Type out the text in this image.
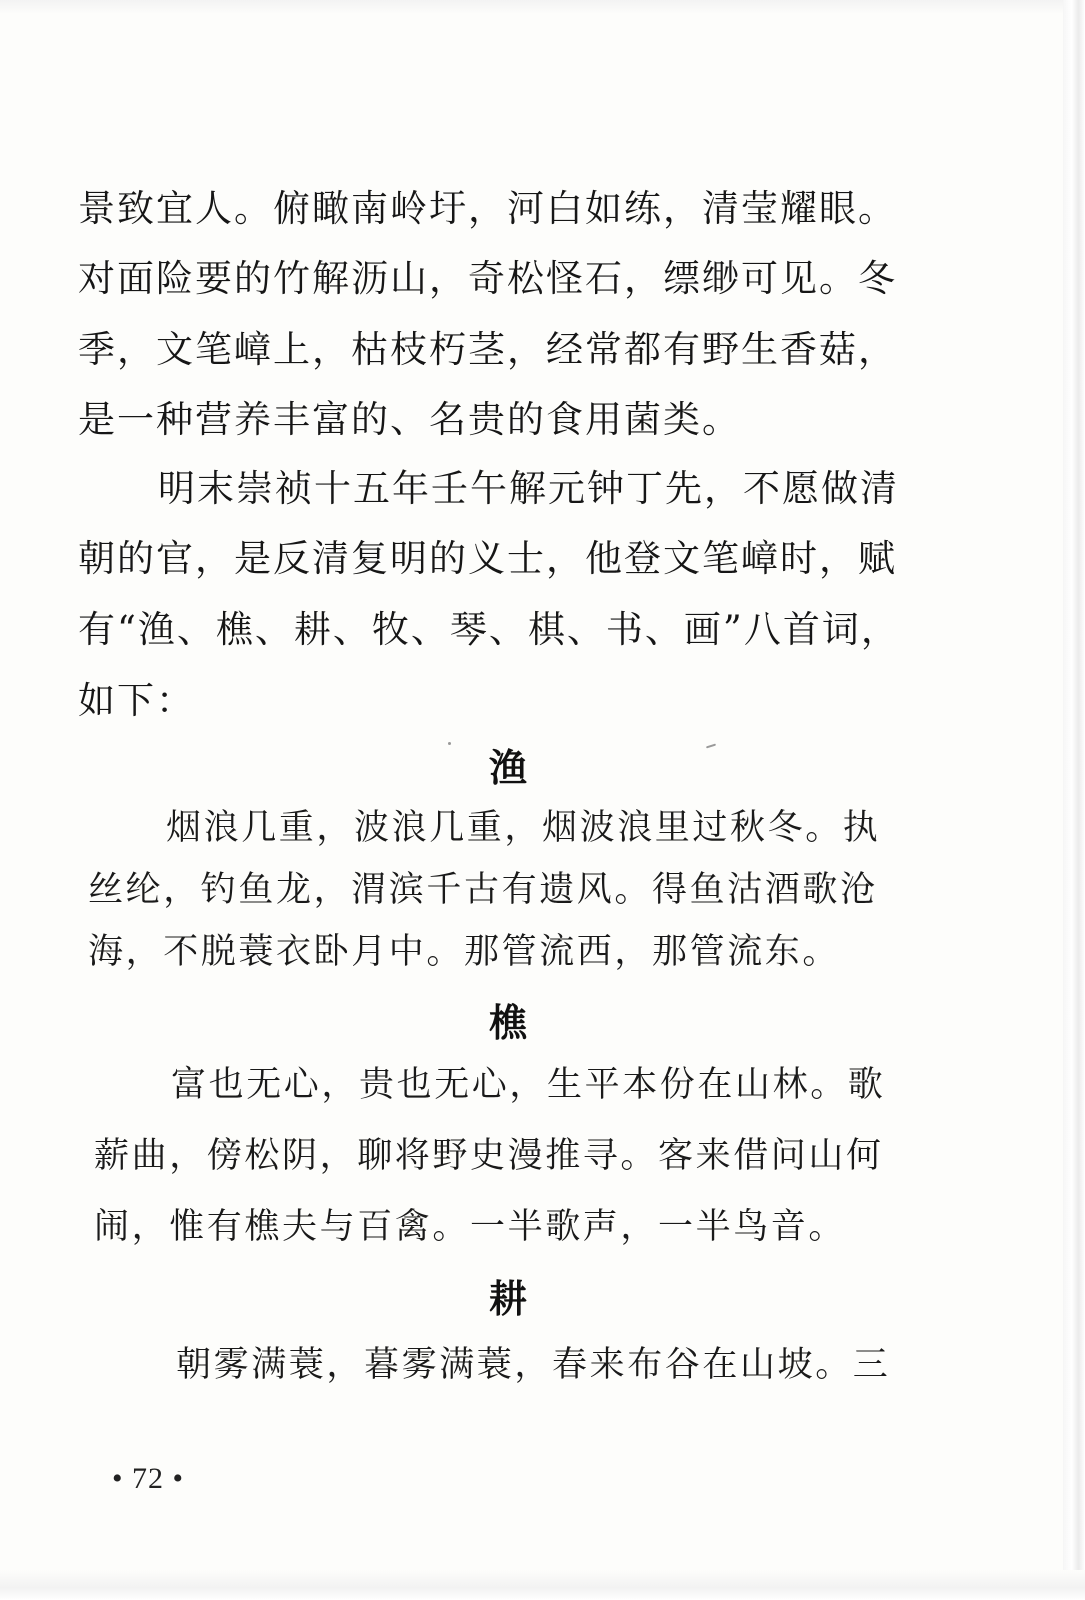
景致宜人。俯瞰南岭圩，河白如练，清莹耀眼。
对面险要的竹解沥山，奇松怪石，缥缈可见。冬
季，文笔嶂上，枯枝朽茎，经常都有野生香菇，
是一种营养丰富的、名贵的食用菌类。
明末崇祯十五年壬午解元钟丁先，不愿做清
朝的官，是反清复明的义士，他登文笔嶂时，赋
有“渔、樵、耕、牧、琴、棋、书、画”八首词，
如下：
渔
烟浪几重，波浪几重，烟波浪里过秋冬。执
丝纶，钓鱼龙，渭滨千古有遗风。得鱼沽酒歌沧
海，不脱蓑衣卧月中。那管流西，那管流东。
樵
富也无心，贵也无心，生平本份在山林。歌
薪曲，傍松阴，聊将野史漫推寻。客来借问山何
闹，惟有樵夫与百禽。一半歌声，一半鸟音。
耕
朝雾满蓑，暮雾满蓑，春来布谷在山坡。三
• 72 •
